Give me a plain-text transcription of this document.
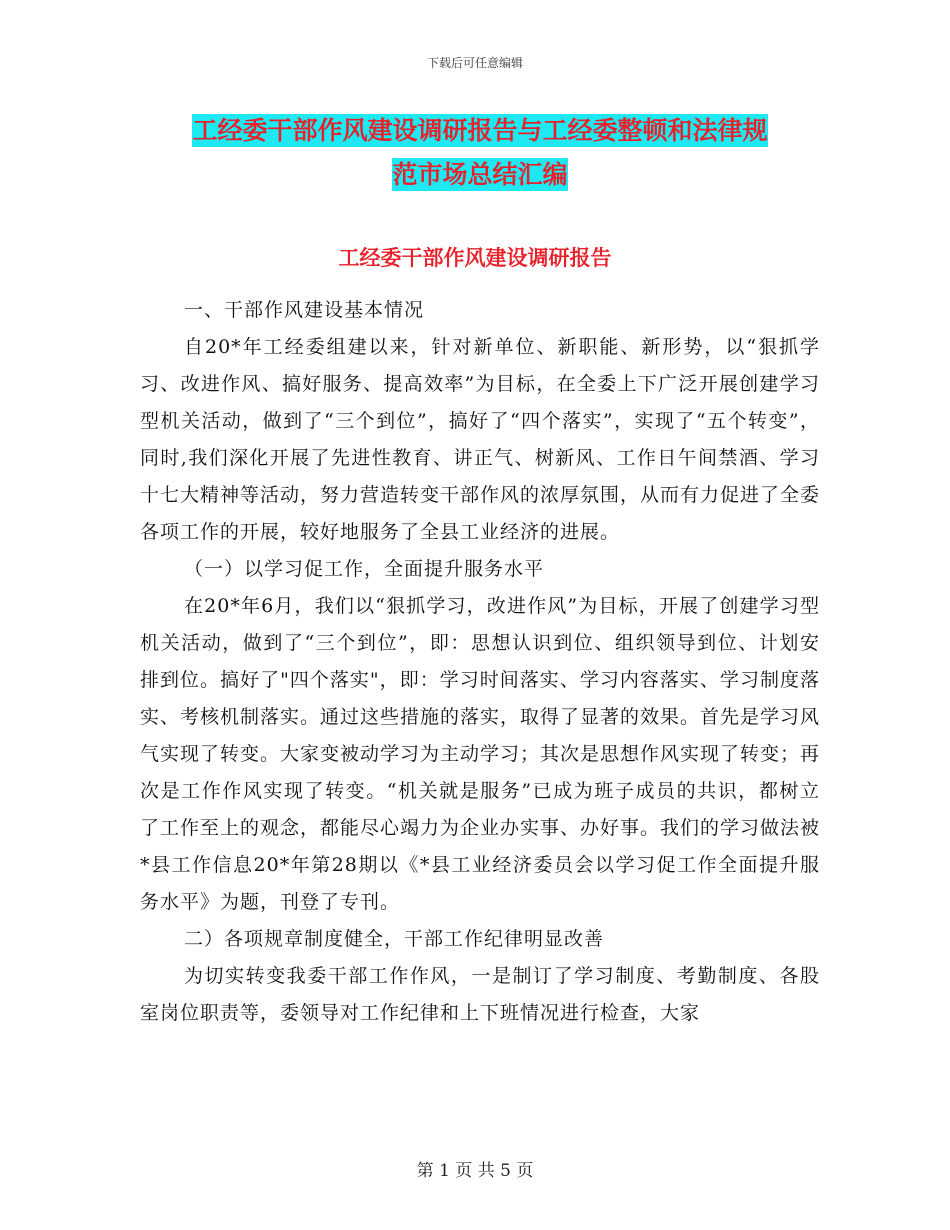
下载后可任意编辑
工经委干部作风建设调研报告与工经委整顿和法律规
范市场总结汇编
工经委干部作风建设调研报告

一、干部作风建设基本情况

自20*年工经委组建以来，针对新单位、新职能、新形势，以“狠抓学习、改进作风、搞好服务、提高效率”为目标，在全委上下广泛开展创建学习型机关活动，做到了“三个到位”，搞好了“四个落实”，实现了“五个转变”，同时,我们深化开展了先进性教育、讲正气、树新风、工作日午间禁酒、学习十七大精神等活动，努力营造转变干部作风的浓厚氛围，从而有力促进了全委各项工作的开展，较好地服务了全县工业经济的进展。

（一）以学习促工作，全面提升服务水平

在20*年6月，我们以“狠抓学习，改进作风”为目标，开展了创建学习型机关活动，做到了“三个到位”，即：思想认识到位、组织领导到位、计划安排到位。搞好了"四个落实"，即：学习时间落实、学习内容落实、学习制度落实、考核机制落实。通过这些措施的落实，取得了显著的效果。首先是学习风气实现了转变。大家变被动学习为主动学习；其次是思想作风实现了转变；再次是工作作风实现了转变。“机关就是服务”已成为班子成员的共识，都树立了工作至上的观念，都能尽心竭力为企业办实事、办好事。我们的学习做法被*县工作信息20*年第28期以《*县工业经济委员会以学习促工作全面提升服务水平》为题，刊登了专刊。

二）各项规章制度健全，干部工作纪律明显改善

为切实转变我委干部工作作风，一是制订了学习制度、考勤制度、各股室岗位职责等，委领导对工作纪律和上下班情况进行检查，大家

第 1 页 共 5 页
